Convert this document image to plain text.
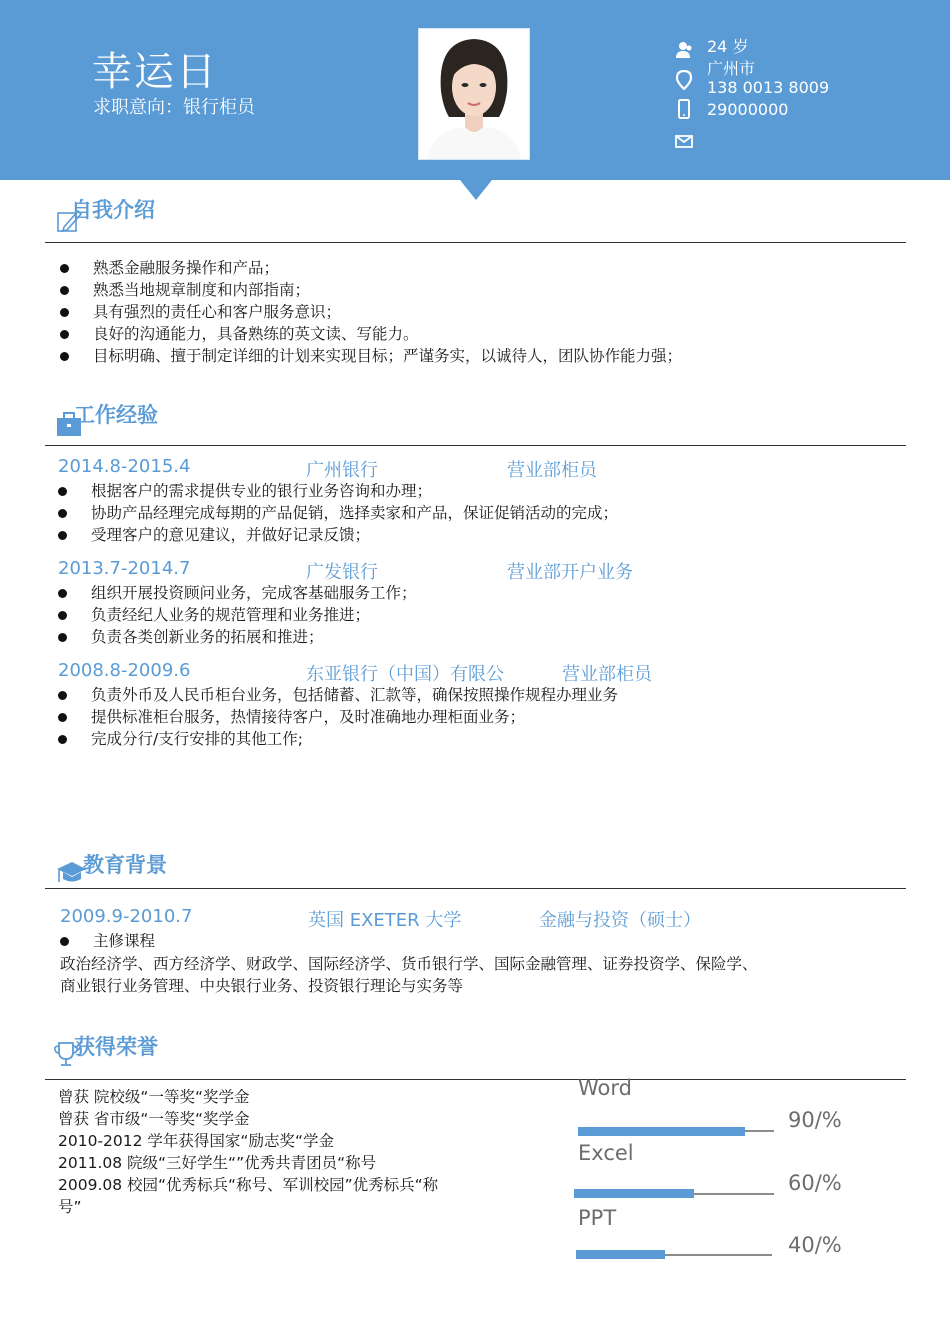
幸运日
求职意向：银行柜员
24 岁
广州市
138 0013 8009
29000000
自我介绍
熟悉金融服务操作和产品；
熟悉当地规章制度和内部指南；
具有强烈的责任心和客户服务意识；
良好的沟通能力，具备熟练的英文读、写能力。
目标明确、擅于制定详细的计划来实现目标；严谨务实，以诚待人，团队协作能力强；
工作经验
2014.8-2015.4	广州银行	营业部柜员
根据客户的需求提供专业的银行业务咨询和办理；
协助产品经理完成每期的产品促销，选择卖家和产品，保证促销活动的完成；
受理客户的意见建议，并做好记录反馈；
2013.7-2014.7	广发银行	营业部开户业务
组织开展投资顾问业务，完成客基础服务工作；
负责经纪人业务的规范管理和业务推进；
负责各类创新业务的拓展和推进；
2008.8-2009.6	东亚银行（中国）有限公	营业部柜员
负责外币及人民币柜台业务，包括储蓄、汇款等，确保按照操作规程办理业务
提供标准柜台服务，热情接待客户，及时准确地办理柜面业务；
完成分行/支行安排的其他工作;
教育背景
2009.9-2010.7	英国 EXETER 大学	金融与投资（硕士）
主修课程
政治经济学、西方经济学、财政学、国际经济学、货币银行学、国际金融管理、证券投资学、保险学、
商业银行业务管理、中央银行业务、投资银行理论与实务等
获得荣誉
曾获 院校级“一等奖“奖学金
曾获 省市级“一等奖“奖学金
2010-2012 学年获得国家“励志奖“学金
2011.08 院级“三好学生“”优秀共青团员“称号
2009.08 校园“优秀标兵“称号、军训校园”优秀标兵“称
号”
Word
90/%
Excel
60/%
PPT
40/%
